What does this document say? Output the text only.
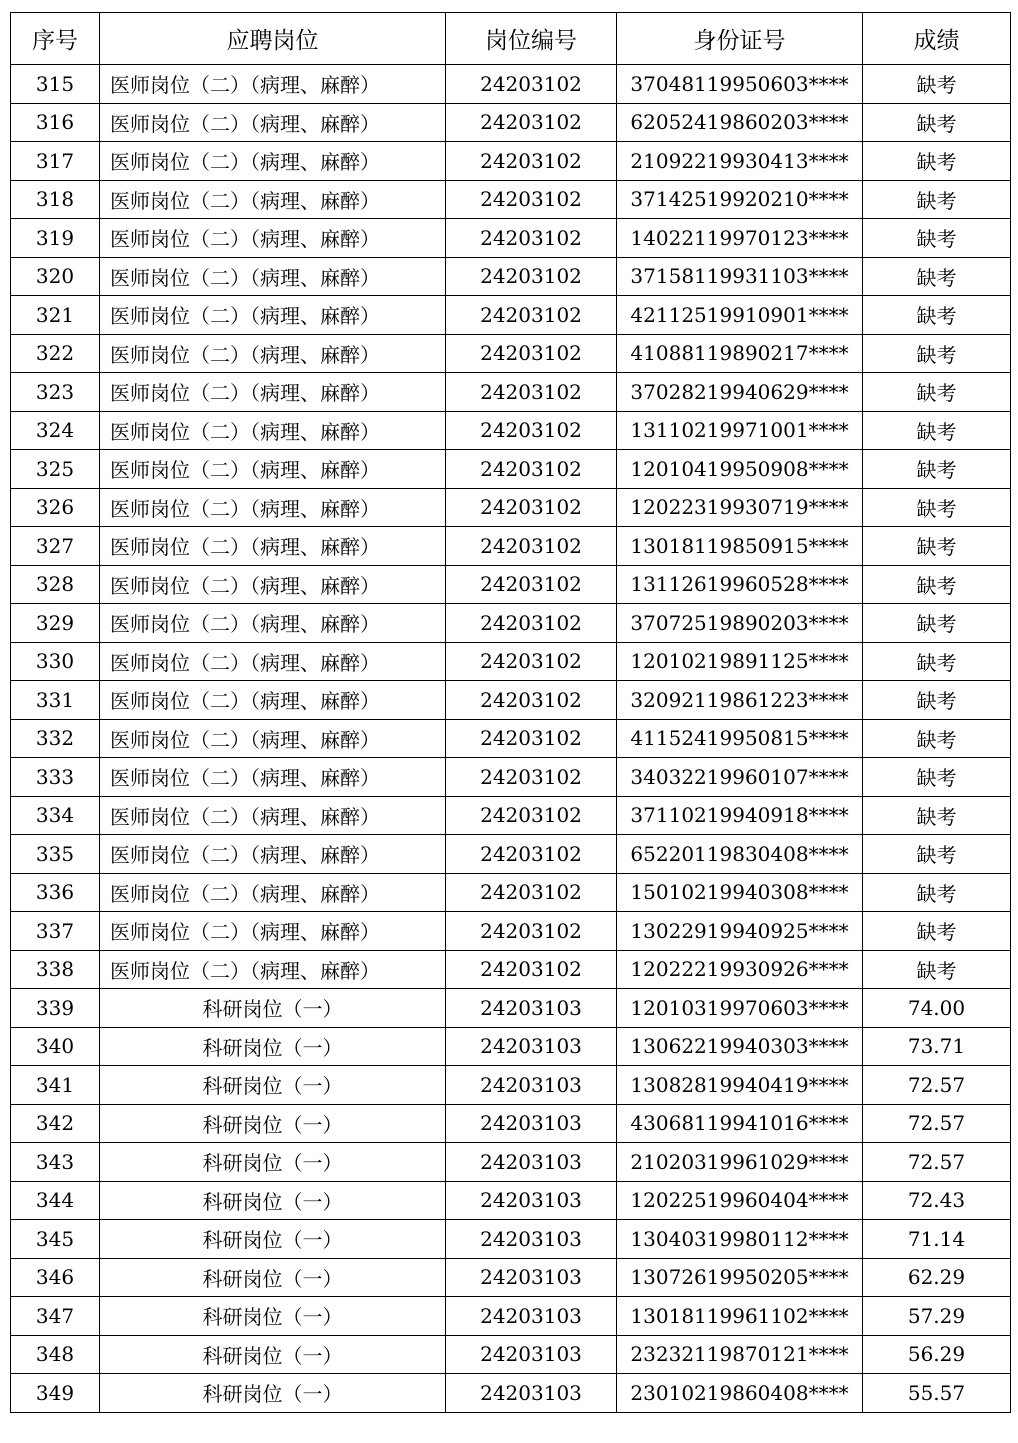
序号	应聘岗位	岗位编号	身份证号	成绩
315	医师岗位（二）（病理、麻醉）	24203102	37048119950603****	缺考
316	医师岗位（二）（病理、麻醉）	24203102	62052419860203****	缺考
317	医师岗位（二）（病理、麻醉）	24203102	21092219930413****	缺考
318	医师岗位（二）（病理、麻醉）	24203102	37142519920210****	缺考
319	医师岗位（二）（病理、麻醉）	24203102	14022119970123****	缺考
320	医师岗位（二）（病理、麻醉）	24203102	37158119931103****	缺考
321	医师岗位（二）（病理、麻醉）	24203102	42112519910901****	缺考
322	医师岗位（二）（病理、麻醉）	24203102	41088119890217****	缺考
323	医师岗位（二）（病理、麻醉）	24203102	37028219940629****	缺考
324	医师岗位（二）（病理、麻醉）	24203102	13110219971001****	缺考
325	医师岗位（二）（病理、麻醉）	24203102	12010419950908****	缺考
326	医师岗位（二）（病理、麻醉）	24203102	12022319930719****	缺考
327	医师岗位（二）（病理、麻醉）	24203102	13018119850915****	缺考
328	医师岗位（二）（病理、麻醉）	24203102	13112619960528****	缺考
329	医师岗位（二）（病理、麻醉）	24203102	37072519890203****	缺考
330	医师岗位（二）（病理、麻醉）	24203102	12010219891125****	缺考
331	医师岗位（二）（病理、麻醉）	24203102	32092119861223****	缺考
332	医师岗位（二）（病理、麻醉）	24203102	41152419950815****	缺考
333	医师岗位（二）（病理、麻醉）	24203102	34032219960107****	缺考
334	医师岗位（二）（病理、麻醉）	24203102	37110219940918****	缺考
335	医师岗位（二）（病理、麻醉）	24203102	65220119830408****	缺考
336	医师岗位（二）（病理、麻醉）	24203102	15010219940308****	缺考
337	医师岗位（二）（病理、麻醉）	24203102	13022919940925****	缺考
338	医师岗位（二）（病理、麻醉）	24203102	12022219930926****	缺考
339	科研岗位（一）	24203103	12010319970603****	74.00
340	科研岗位（一）	24203103	13062219940303****	73.71
341	科研岗位（一）	24203103	13082819940419****	72.57
342	科研岗位（一）	24203103	43068119941016****	72.57
343	科研岗位（一）	24203103	21020319961029****	72.57
344	科研岗位（一）	24203103	12022519960404****	72.43
345	科研岗位（一）	24203103	13040319980112****	71.14
346	科研岗位（一）	24203103	13072619950205****	62.29
347	科研岗位（一）	24203103	13018119961102****	57.29
348	科研岗位（一）	24203103	23232119870121****	56.29
349	科研岗位（一）	24203103	23010219860408****	55.57
